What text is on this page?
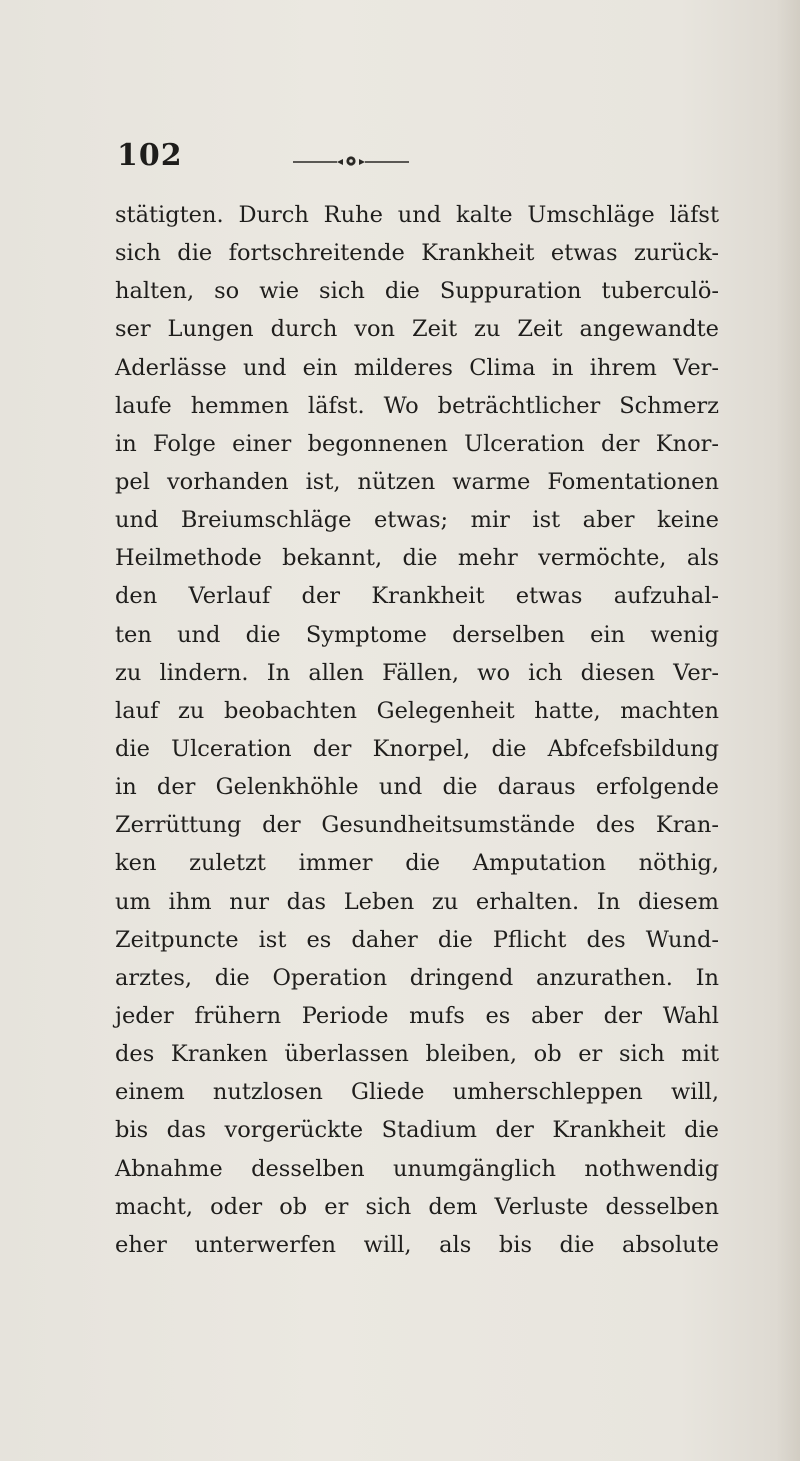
102
stätigten. Durch Ruhe und kalte Umschläge läfst
sich die fortschreitende Krankheit etwas zurück-
halten, so wie sich die Suppuration tuberculö-
ser Lungen durch von Zeit zu Zeit angewandte
Aderlässe und ein milderes Clima in ihrem Ver-
laufe hemmen läfst. Wo beträchtlicher Schmerz
in Folge einer begonnenen Ulceration der Knor-
pel vorhanden ist, nützen warme Fomentationen
und Breiumschläge etwas; mir ist aber keine
Heilmethode bekannt, die mehr vermöchte, als
den Verlauf der Krankheit etwas aufzuhal-
ten und die Symptome derselben ein wenig
zu lindern. In allen Fällen, wo ich diesen Ver-
lauf zu beobachten Gelegenheit hatte, machten
die Ulceration der Knorpel, die Abfcefsbildung
in der Gelenkhöhle und die daraus erfolgende
Zerrüttung der Gesundheitsumstände des Kran-
ken zuletzt immer die Amputation nöthig,
um ihm nur das Leben zu erhalten. In diesem
Zeitpuncte ist es daher die Pflicht des Wund-
arztes, die Operation dringend anzurathen. In
jeder frühern Periode mufs es aber der Wahl
des Kranken überlassen bleiben, ob er sich mit
einem nutzlosen Gliede umherschleppen will,
bis das vorgerückte Stadium der Krankheit die
Abnahme desselben unumgänglich nothwendig
macht, oder ob er sich dem Verluste desselben
eher unterwerfen will, als bis die absolute
